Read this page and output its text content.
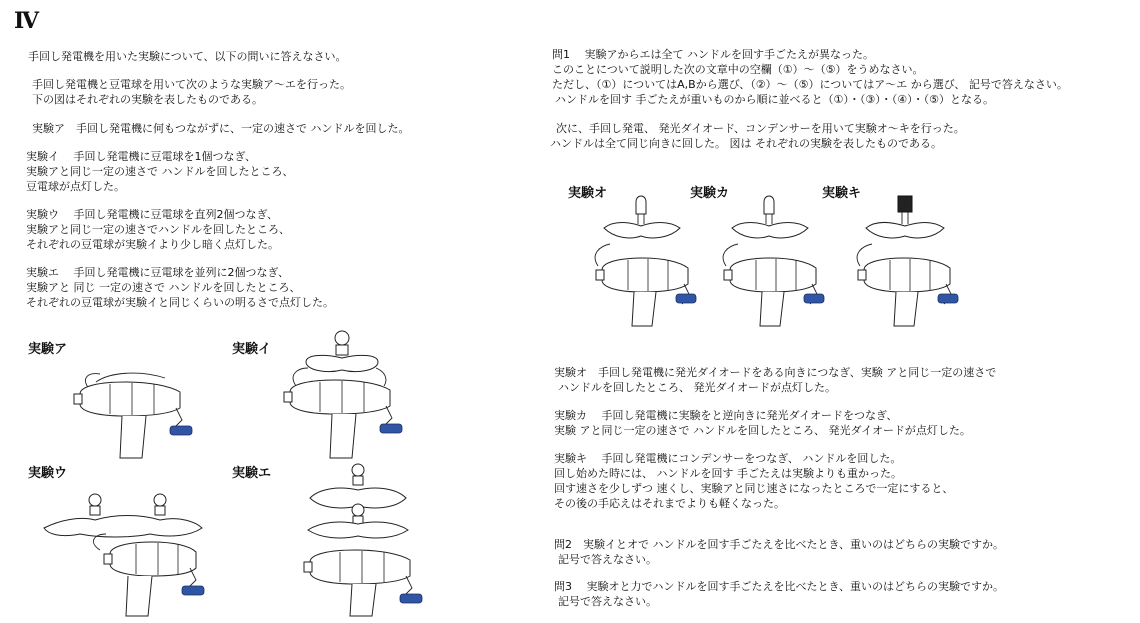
Ⅳ
手回し発電機を用いた実験について、以下の問いに答えなさい。
手回し発電機と豆電球を用いて次のような実験ア～エを行った。
下の図はそれぞれの実験を表したものである。
実験ア　手回し発電機に何もつながずに、一定の速さで ハンドルを回した。
実験イ　 手回し発電機に豆電球を1個つなぎ、
実験アと同じ一定の速さで ハンドルを回したところ、
豆電球が点灯した。
実験ウ　 手回し発電機に豆電球を直列2個つなぎ、
実験アと同じ一定の速さでハンドルを回したところ、
それぞれの豆電球が実験イより少し暗く点灯した。
実験エ　 手回し発電機に豆電球を並列に2個つなぎ、
実験アと 同じ 一定の速さで ハンドルを回したところ、
それぞれの豆電球が実験イと同じくらいの明るさで点灯した。
実験ア	実験イ
実験ウ	実験エ
問1　 実験アからエは全て ハンドルを回す手ごたえが異なった。
このことについて説明した次の文章中の空欄（①）～（⑤）をうめなさい。
ただし、（①）についてはA,Bから選び、（②）～（⑤）についてはア～エ から選び、 記号で答えなさい。
ハンドルを回す 手ごたえが重いものから順に並べると（①）・（③）・（④）・（⑤）となる。
次に、手回し発電、 発光ダイオード、コンデンサーを用いて実験オ～キを行った。
ハンドルは全て同じ向きに回した。 図は それぞれの実験を表したものである。
実験オ	実験カ	実験キ
実験オ　手回し発電機に発光ダイオードをある向きにつなぎ、実験 アと同じ一定の速さで
ハンドルを回したところ、 発光ダイオードが点灯した。
実験カ　 手回し発電機に実験をと逆向きに発光ダイオードをつなぎ、
実験 アと同じ一定の速さで ハンドルを回したところ、 発光ダイオードが点灯した。
実験キ　 手回し発電機にコンデンサーをつなぎ、 ハンドルを回した。
回し始めた時には、 ハンドルを回す 手ごたえは実験よりも重かった。
回す速さを少しずつ 速くし、実験アと同じ速さになったところで一定にすると、
その後の手応えはそれまでよりも軽くなった。
問2　実験イとオで ハンドルを回す手ごたえを比べたとき、重いのはどちらの実験ですか。
記号で答えなさい。
問3　 実験オと力でハンドルを回す手ごたえを比べたとき、重いのはどちらの実験ですか。
記号で答えなさい。
